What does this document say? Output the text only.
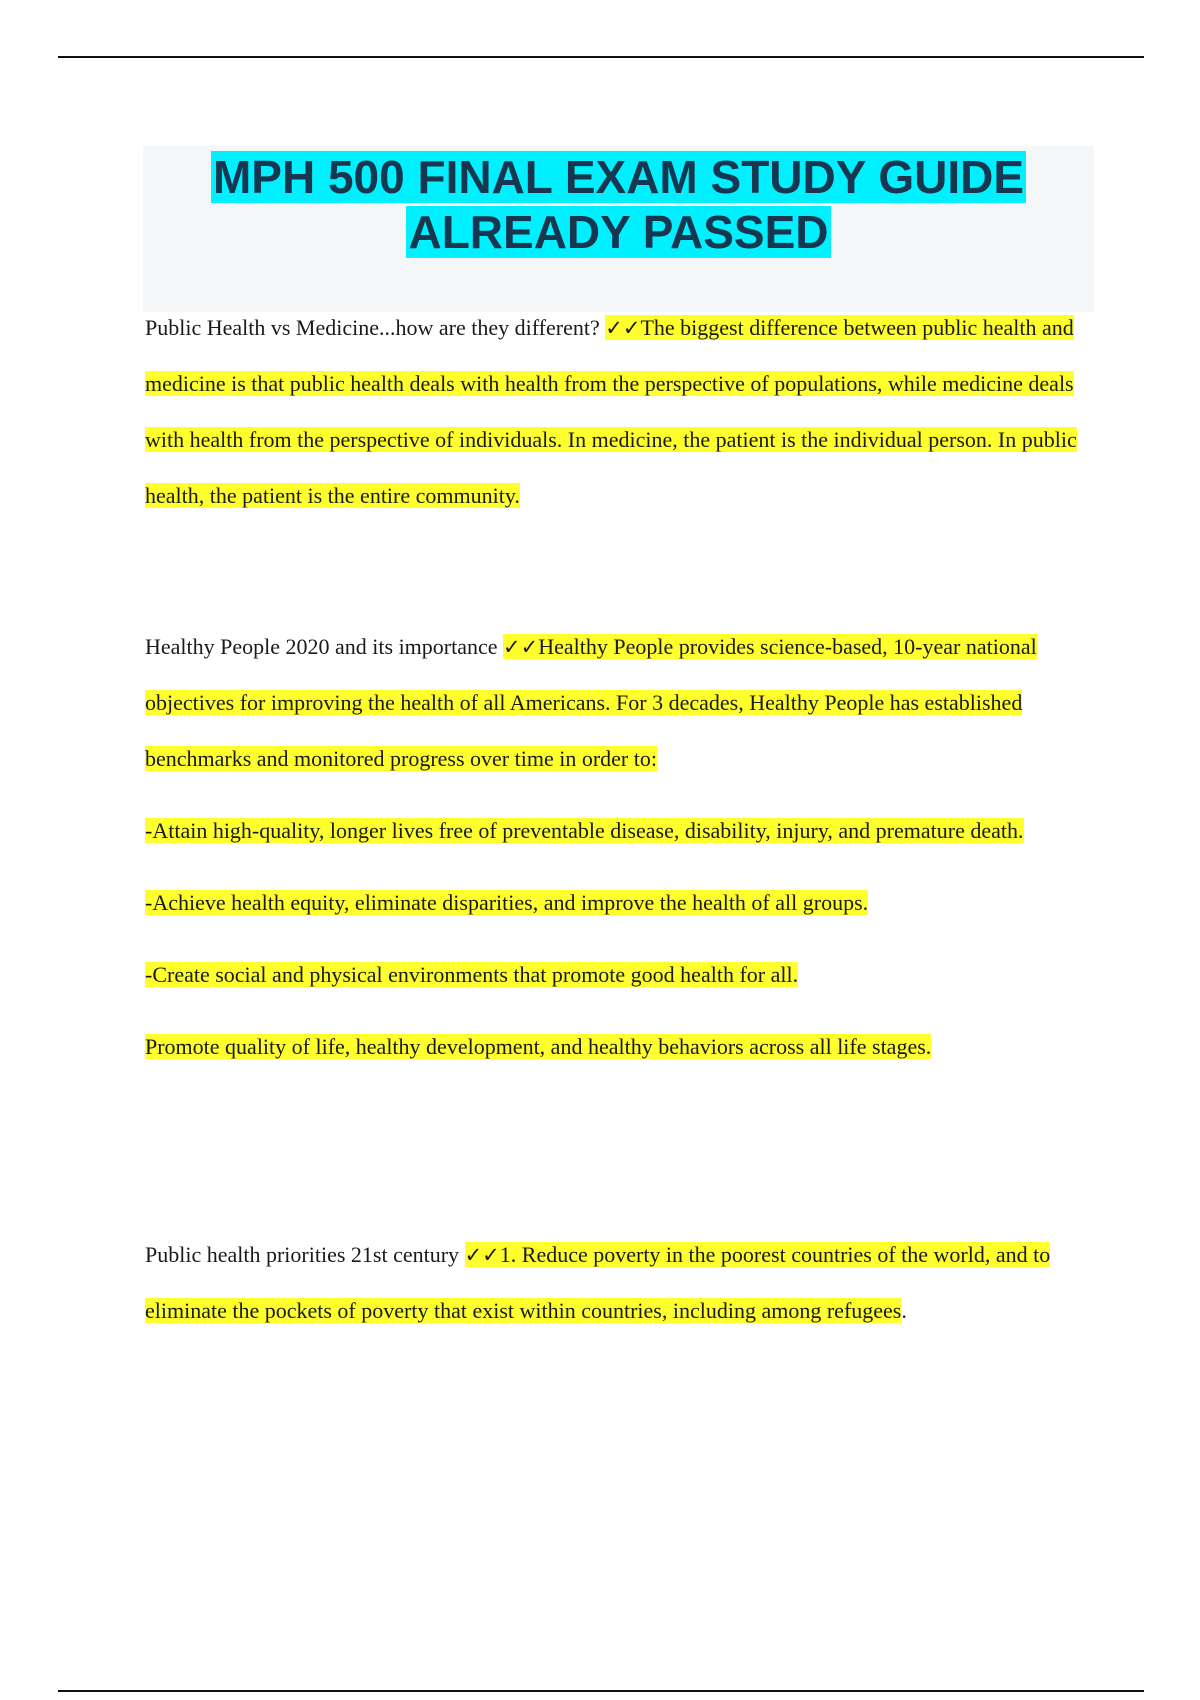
MPH 500 FINAL EXAM STUDY GUIDE
ALREADY PASSED
Public Health vs Medicine...how are they different? ✓✓The biggest difference between public health and medicine is that public health deals with health from the perspective of populations, while medicine deals with health from the perspective of individuals. In medicine, the patient is the individual person. In public health, the patient is the entire community.
Healthy People 2020 and its importance ✓✓Healthy People provides science-based, 10-year national objectives for improving the health of all Americans. For 3 decades, Healthy People has established benchmarks and monitored progress over time in order to:
-Attain high-quality, longer lives free of preventable disease, disability, injury, and premature death.
-Achieve health equity, eliminate disparities, and improve the health of all groups.
-Create social and physical environments that promote good health for all.
Promote quality of life, healthy development, and healthy behaviors across all life stages.
Public health priorities 21st century ✓✓1. Reduce poverty in the poorest countries of the world, and to eliminate the pockets of poverty that exist within countries, including among refugees.
